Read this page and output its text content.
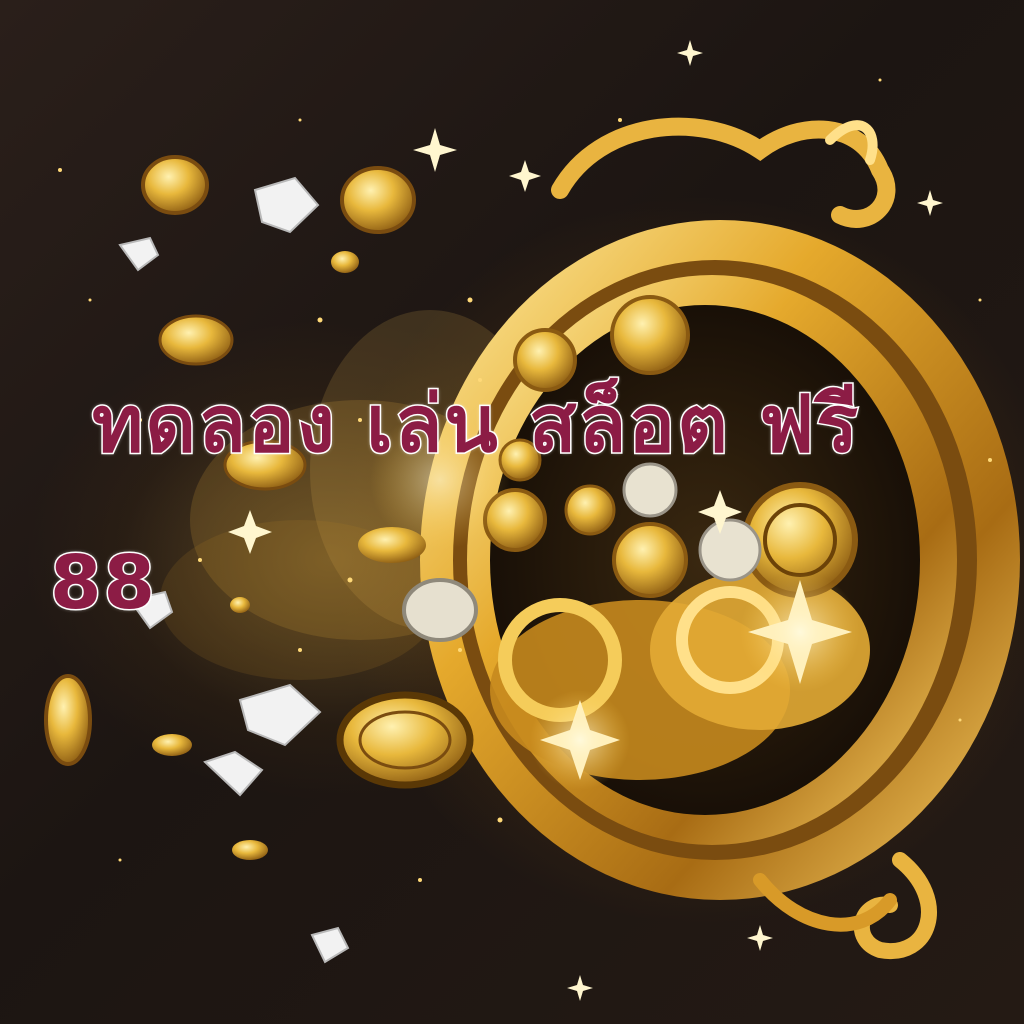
ทดลอง เล่น สล็อต ฟรี
88
